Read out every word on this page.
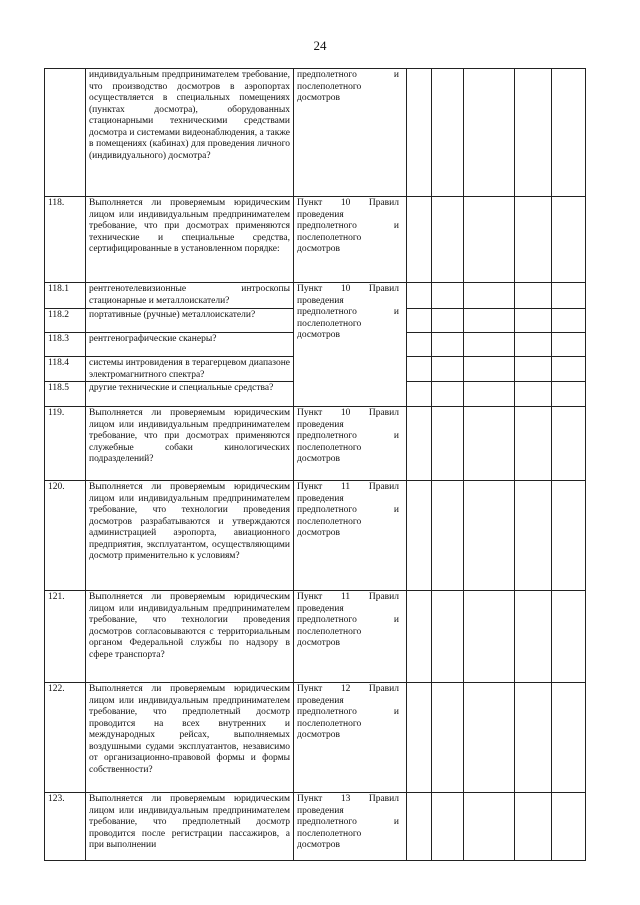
24
	индивидуальным предпринимателем требование, что производство досмотров в аэропортах осуществляется в специальных помещениях (пунктах досмотра), оборудованных стационарными техническими средствами досмотра и системами видеонаблюдения, а также в помещениях (кабинах) для проведения личного (индивидуального) досмотра?	предполетного и послеполетного досмотров					

118.	Выполняется ли проверяемым юридическим лицом или индивидуальным предпринимателем требование, что при досмотрах применяются технические и специальные средства, сертифицированные в установленном порядке:	Пункт 10 Правил проведения предполетного и послеполетного досмотров					

118.1	рентгенотелевизионные интроскопы стационарные и металлоискатели?	Пункт 10 Правил проведения предполетного и послеполетного досмотров					

118.2	портативные (ручные) металлоискатели?						
118.3	рентгенографические сканеры?						
118.4	системы интровидения в терагерцевом диапазоне электромагнитного спектра?						
118.5	другие технические и специальные средства?						
119.	Выполняется ли проверяемым юридическим лицом или индивидуальным предпринимателем требование, что при досмотрах применяются служебные собаки кинологических подразделений?	Пункт 10 Правил проведения предполетного и послеполетного досмотров					

120.	Выполняется ли проверяемым юридическим лицом или индивидуальным предпринимателем требование, что технологии проведения досмотров разрабатываются и утверждаются администрацией аэропорта, авиационного предприятия, эксплуатантом, осуществляющими досмотр применительно к условиям?	Пункт 11 Правил проведения предполетного и послеполетного досмотров					

121.	Выполняется ли проверяемым юридическим лицом или индивидуальным предпринимателем требование, что технологии проведения досмотров согласовываются с территориальным органом Федеральной службы по надзору в сфере транспорта?	Пункт 11 Правил проведения предполетного и послеполетного досмотров					

122.	Выполняется ли проверяемым юридическим лицом или индивидуальным предпринимателем требование, что предполетный досмотр проводится на всех внутренних и международных рейсах, выполняемых воздушными судами эксплуатантов, независимо от организационно-правовой формы и формы собственности?	Пункт 12 Правил проведения предполетного и послеполетного досмотров					

123.	Выполняется ли проверяемым юридическим лицом или индивидуальным предпринимателем требование, что предполетный досмотр проводится после регистрации пассажиров, а при выполнении	Пункт 13 Правил проведения предполетного и послеполетного досмотров					
